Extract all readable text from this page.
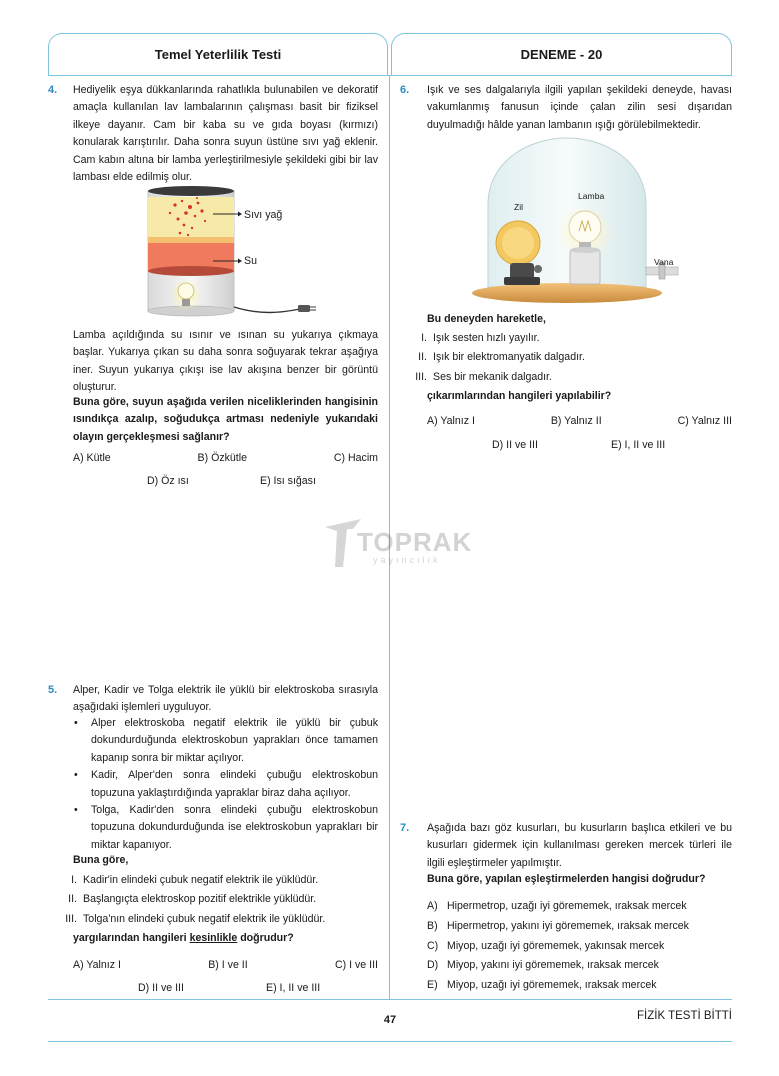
Temel Yeterlilik Testi	DENEME - 20
4. Hediyelik eşya dükkanlarında rahatlıkla bulunabilen ve dekoratif amaçla kullanılan lav lambalarının çalışması basit bir fiziksel ilkeye dayanır. Cam bir kaba su ve gıda boyası (kırmızı) konularak karıştırılır. Daha sonra suyun üstüne sıvı yağ eklenir. Cam kabın altına bir lamba yerleştirilmesiyle şekildeki gibi bir lav lambası elde edilmiş olur.
Sıvı yağ
Su
Lamba açıldığında su ısınır ve ısınan su yukarıya çıkmaya başlar. Yukarıya çıkan su daha sonra soğuyarak tekrar aşağıya iner. Suyun yukarıya çıkışı ise lav akışına benzer bir görüntü oluşturur.
Buna göre, suyun aşağıda verilen niceliklerinden hangisinin ısındıkça azalıp, soğudukça artması nedeniyle yukarıdaki olayın gerçekleşmesi sağlanır?
A) Kütle	B) Özkütle	C) Hacim
D) Öz ısı	E) Isı sığası
TOPRAK
yayıncılık
5. Alper, Kadir ve Tolga elektrik ile yüklü bir elektroskoba sırasıyla aşağıdaki işlemleri uyguluyor.
• Alper elektroskoba negatif elektrik ile yüklü bir çubuk dokundurduğunda elektroskobun yaprakları önce tamamen kapanıp sonra bir miktar açılıyor.
• Kadir, Alper'den sonra elindeki çubuğu elektroskobun topuzuna yaklaştırdığında yapraklar biraz daha açılıyor.
• Tolga, Kadir'den sonra elindeki çubuğu elektroskobun topuzuna dokundurduğunda ise elektroskobun yaprakları bir miktar kapanıyor.
Buna göre,
I. Kadir'in elindeki çubuk negatif elektrik ile yüklüdür.
II. Başlangıçta elektroskop pozitif elektrikle yüklüdür.
III. Tolga'nın elindeki çubuk negatif elektrik ile yüklüdür.
yargılarından hangileri kesinlikle doğrudur?
A) Yalnız I	B) I ve II	C) I ve III
D) II ve III	E) I, II ve III
6. Işık ve ses dalgalarıyla ilgili yapılan şekildeki deneyde, havası vakumlanmış fanusun içinde çalan zilin sesi dışarıdan duyulmadığı hâlde yanan lambanın ışığı görülebilmektedir.
Lamba
Zil
Vana
Bu deneyden hareketle,
I. Işık sesten hızlı yayılır.
II. Işık bir elektromanyatik dalgadır.
III. Ses bir mekanik dalgadır.
çıkarımlarından hangileri yapılabilir?
A) Yalnız I	B) Yalnız II	C) Yalnız III
D) II ve III	E) I, II ve III
7. Aşağıda bazı göz kusurları, bu kusurların başlıca etkileri ve bu kusurları gidermek için kullanılması gereken mercek türleri ile ilgili eşleştirmeler yapılmıştır.
Buna göre, yapılan eşleştirmelerden hangisi doğrudur?
A) Hipermetrop, uzağı iyi görememek, ıraksak mercek
B) Hipermetrop, yakını iyi görememek, ıraksak mercek
C) Miyop, uzağı iyi görememek, yakınsak mercek
D) Miyop, yakını iyi görememek, ıraksak mercek
E) Miyop, uzağı iyi görememek, ıraksak mercek
47	FİZİK TESTİ BİTTİ
